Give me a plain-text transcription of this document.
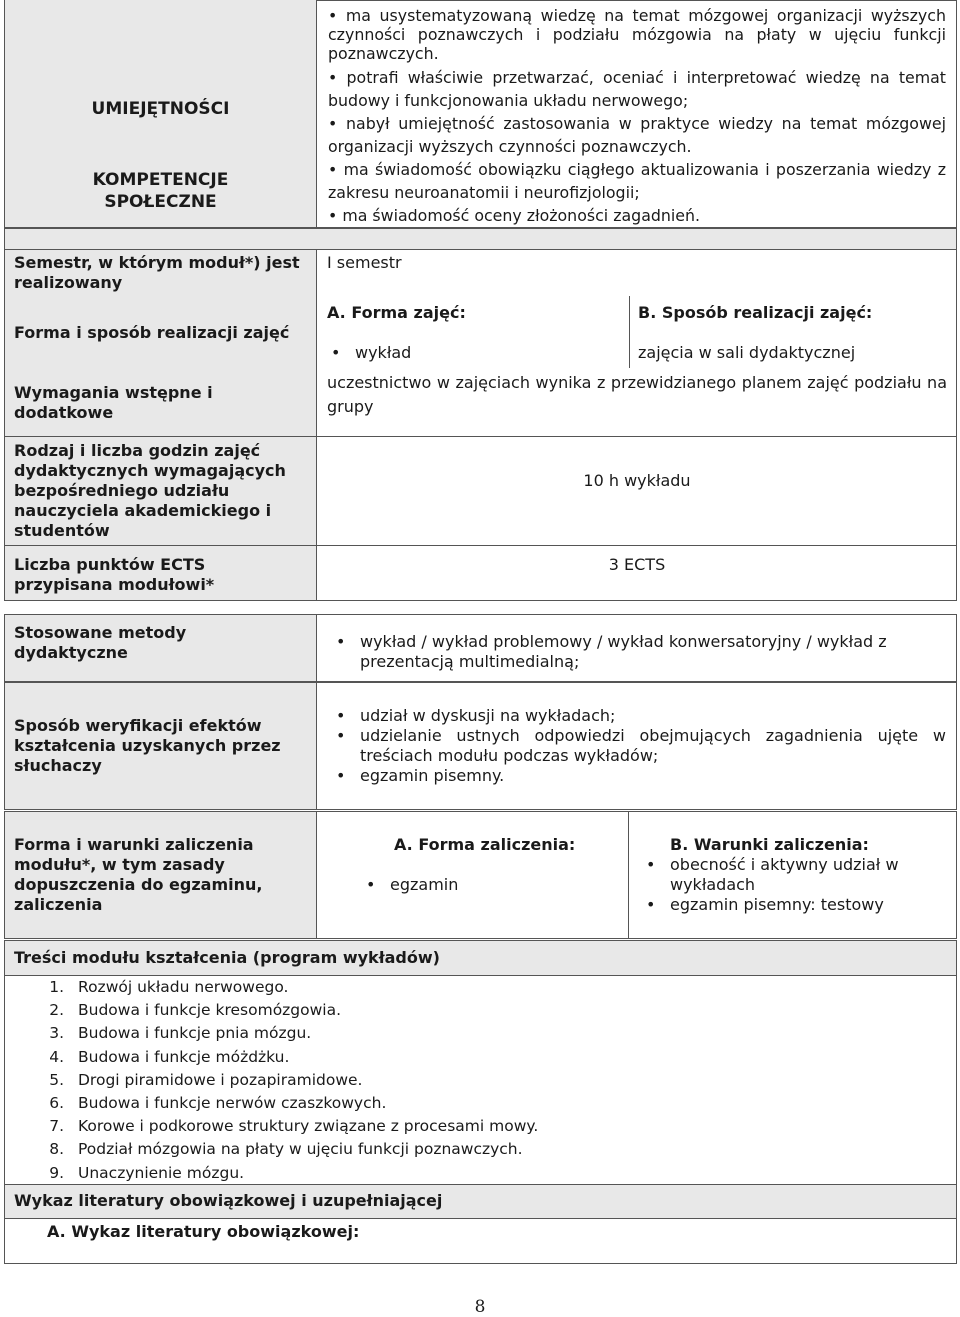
UMIEJĘTNOŚCI
KOMPETENCJE
SPOŁECZNE
• ma usystematyzowaną wiedzę na temat mózgowej organizacji wyższych czynności poznawczych i podziału mózgowia na płaty w ujęciu funkcji poznawczych.
• potrafi właściwie przetwarzać, oceniać i interpretować wiedzę na temat budowy i funkcjonowania układu nerwowego;
• nabył umiejętność zastosowania w praktyce wiedzy na temat mózgowej organizacji wyższych czynności poznawczych.
• ma świadomość obowiązku ciągłego aktualizowania i poszerzania wiedzy z zakresu neuroanatomii i neurofizjologii;
• ma świadomość oceny złożoności zagadnień.
Semestr, w którym moduł*) jest realizowany
I semestr
Forma i sposób realizacji zajęć
A. Forma zajęć:
• wykład
B. Sposób realizacji zajęć:
zajęcia w sali dydaktycznej
Wymagania wstępne i dodatkowe
uczestnictwo w zajęciach wynika z przewidzianego planem zajęć podziału na grupy
Rodzaj i liczba godzin zajęć dydaktycznych wymagających bezpośredniego udziału nauczyciela akademickiego i studentów
10 h wykładu
Liczba punktów ECTS przypisana modułowi*
3 ECTS
Stosowane metody dydaktyczne
• wykład / wykład problemowy / wykład konwersatoryjny / wykład z prezentacją multimedialną;
Sposób weryfikacji efektów kształcenia uzyskanych przez słuchaczy
• udział w dyskusji na wykładach;
• udzielanie ustnych odpowiedzi obejmujących zagadnienia ujęte w treściach modułu podczas wykładów;
• egzamin pisemny.
Forma i warunki zaliczenia modułu*, w tym zasady dopuszczenia do egzaminu, zaliczenia
A. Forma zaliczenia:
• egzamin
B. Warunki zaliczenia:
• obecność i aktywny udział w wykładach
• egzamin pisemny: testowy
Treści modułu kształcenia (program wykładów)
1. Rozwój układu nerwowego.
2. Budowa i funkcje kresomózgowia.
3. Budowa i funkcje pnia mózgu.
4. Budowa i funkcje móżdżku.
5. Drogi piramidowe i pozapiramidowe.
6. Budowa i funkcje nerwów czaszkowych.
7. Korowe i podkorowe struktury związane z procesami mowy.
8. Podział mózgowia na płaty w ujęciu funkcji poznawczych.
9. Unaczynienie mózgu.
Wykaz literatury obowiązkowej i uzupełniającej
A. Wykaz literatury obowiązkowej:
8
